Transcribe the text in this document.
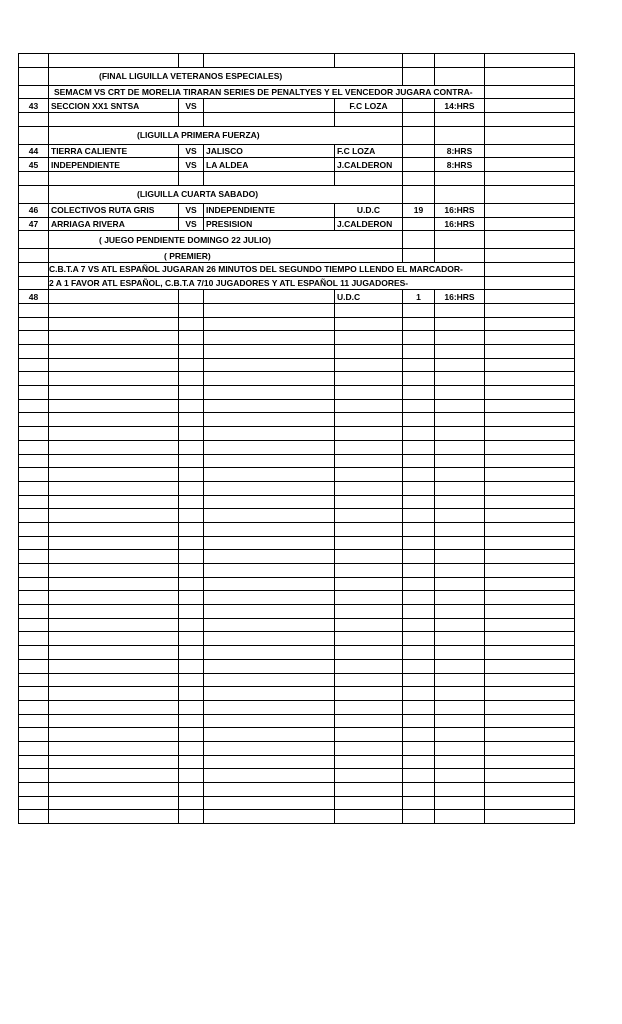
	(FINAL LIGUILLA VETERANOS ESPECIALES)						
	SEMACM VS CRT DE MORELIA TIRARAN SERIES DE PENALTYES Y EL VENCEDOR JUGARA CONTRA-						
43	SECCION XX1 SNTSA	VS		F.C LOZA		14:HRS	

	(LIGUILLA PRIMERA FUERZA)						
44	TIERRA CALIENTE	VS	JALISCO	F.C LOZA		8:HRS	
45	INDEPENDIENTE	VS	LA ALDEA	J.CALDERON		8:HRS	

	(LIGUILLA CUARTA SABADO)						
46	COLECTIVOS RUTA GRIS	VS	INDEPENDIENTE	U.D.C	19	16:HRS	
47	ARRIAGA RIVERA	VS	PRESISION	J.CALDERON		16:HRS	
	( JUEGO PENDIENTE DOMINGO 22 JULIO)						
	( PREMIER)						
	C.B.T.A 7 VS ATL ESPAÑOL JUGARAN 26 MINUTOS DEL SEGUNDO TIEMPO LLENDO EL MARCADOR-						
	2 A 1 FAVOR ATL ESPAÑOL, C.B.T.A 7/10 JUGADORES Y ATL ESPAÑOL 11 JUGADORES-						
48				U.D.C	1	16:HRS	
